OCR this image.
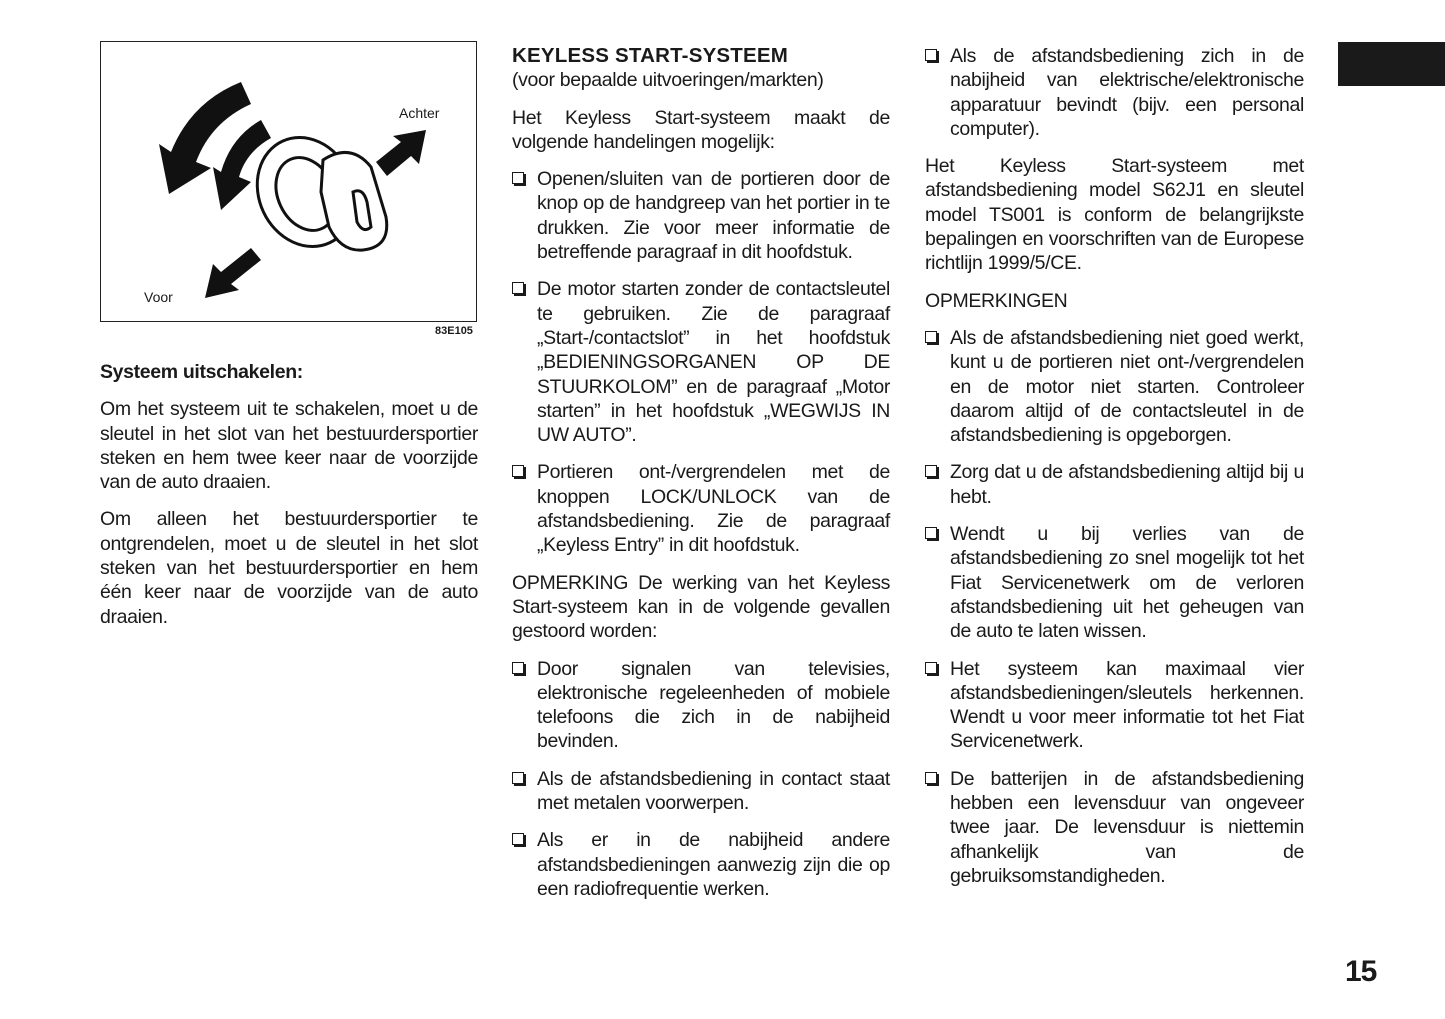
Achter
Voor
83E105

Systeem uitschakelen:

Om het systeem uit te schakelen, moet u de sleutel in het slot van het bestuurdersportier steken en hem twee keer naar de voorzijde van de auto draaien.

Om alleen het bestuurdersportier te ontgrendelen, moet u de sleutel in het slot steken van het bestuurdersportier en hem één keer naar de voorzijde van de auto draaien.

KEYLESS START-SYSTEEM

(voor bepaalde uitvoeringen/markten)

Het Keyless Start-systeem maakt de volgende handelingen mogelijk:

Openen/sluiten van de portieren door de knop op de handgreep van het portier in te drukken. Zie voor meer informatie de betreffende paragraaf in dit hoofdstuk.

De motor starten zonder de contactsleutel te gebruiken. Zie de paragraaf „Start-/contactslot” in het hoofdstuk „BEDIENINGSORGANEN OP DE STUURKOLOM” en de paragraaf „Motor starten” in het hoofdstuk „WEGWIJS IN UW AUTO”.

Portieren ont-/vergrendelen met de knoppen LOCK/UNLOCK van de afstandsbediening. Zie de paragraaf „Keyless Entry” in dit hoofdstuk.

OPMERKING De werking van het Keyless Start-systeem kan in de volgende gevallen gestoord worden:

Door signalen van televisies, elektronische regeleenheden of mobiele telefoons die zich in de nabijheid bevinden.

Als de afstandsbediening in contact staat met metalen voorwerpen.

Als er in de nabijheid andere afstandsbedieningen aanwezig zijn die op een radiofrequentie werken.

Als de afstandsbediening zich in de nabijheid van elektrische/elektronische apparatuur bevindt (bijv. een personal computer).

Het Keyless Start-systeem met afstandsbediening model S62J1 en sleutel model TS001 is conform de belangrijkste bepalingen en voorschriften van de Europese richtlijn 1999/5/CE.

OPMERKINGEN

Als de afstandsbediening niet goed werkt, kunt u de portieren niet ont-/vergrendelen en de motor niet starten. Controleer daarom altijd of de contactsleutel in de afstandsbediening is opgeborgen.

Zorg dat u de afstandsbediening altijd bij u hebt.

Wendt u bij verlies van de afstandsbediening zo snel mogelijk tot het Fiat Servicenetwerk om de verloren afstandsbediening uit het geheugen van de auto te laten wissen.

Het systeem kan maximaal vier afstandsbedieningen/sleutels herkennen. Wendt u voor meer informatie tot het Fiat Servicenetwerk.

De batterijen in de afstandsbediening hebben een levensduur van ongeveer twee jaar. De levensduur is niettemin afhankelijk van de gebruiksomstandigheden.

15
